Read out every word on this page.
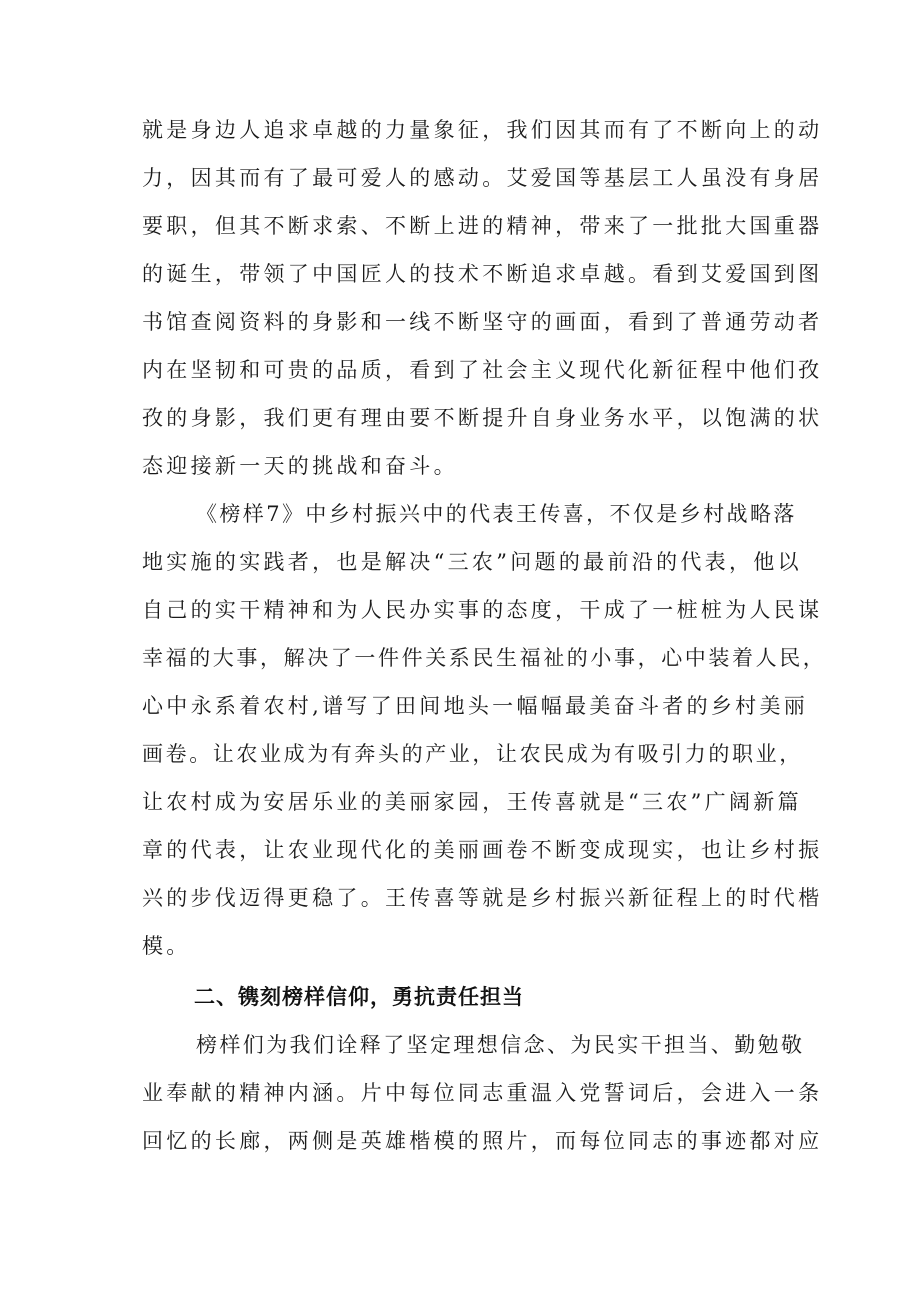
就是身边人追求卓越的力量象征，我们因其而有了不断向上的动
力，因其而有了最可爱人的感动。艾爱国等基层工人虽没有身居
要职，但其不断求索、不断上进的精神，带来了一批批大国重器
的诞生，带领了中国匠人的技术不断追求卓越。看到艾爱国到图
书馆查阅资料的身影和一线不断坚守的画面，看到了普通劳动者
内在坚韧和可贵的品质，看到了社会主义现代化新征程中他们孜
孜的身影，我们更有理由要不断提升自身业务水平，以饱满的状
态迎接新一天的挑战和奋斗。
《榜样7》中乡村振兴中的代表王传喜，不仅是乡村战略落
地实施的实践者，也是解决“三农”问题的最前沿的代表，他以
自己的实干精神和为人民办实事的态度，干成了一桩桩为人民谋
幸福的大事，解决了一件件关系民生福祉的小事，心中装着人民，
心中永系着农村,谱写了田间地头一幅幅最美奋斗者的乡村美丽
画卷。让农业成为有奔头的产业，让农民成为有吸引力的职业，
让农村成为安居乐业的美丽家园，王传喜就是“三农”广阔新篇
章的代表，让农业现代化的美丽画卷不断变成现实，也让乡村振
兴的步伐迈得更稳了。王传喜等就是乡村振兴新征程上的时代楷
模。
二、镌刻榜样信仰，勇抗责任担当
榜样们为我们诠释了坚定理想信念、为民实干担当、勤勉敬
业奉献的精神内涵。片中每位同志重温入党誓词后，会进入一条
回忆的长廊，两侧是英雄楷模的照片，而每位同志的事迹都对应
